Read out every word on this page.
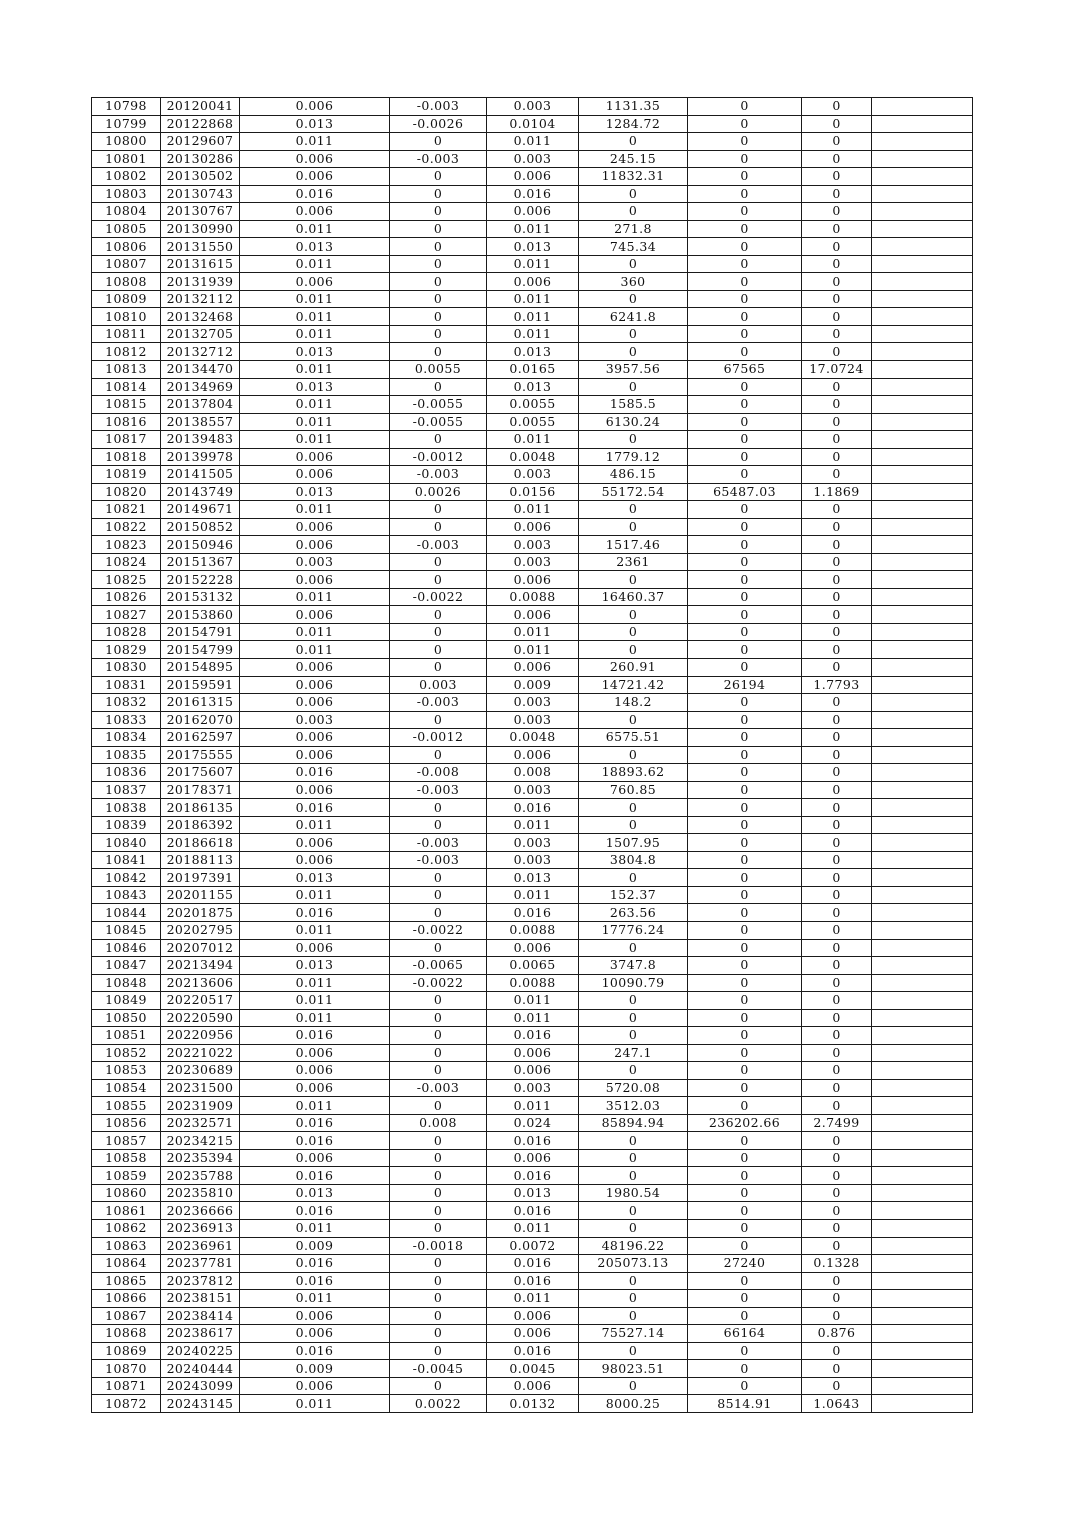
10798	20120041	0.006	-0.003	0.003	1131.35	0	0	
10799	20122868	0.013	-0.0026	0.0104	1284.72	0	0	
10800	20129607	0.011	0	0.011	0	0	0	
10801	20130286	0.006	-0.003	0.003	245.15	0	0	
10802	20130502	0.006	0	0.006	11832.31	0	0	
10803	20130743	0.016	0	0.016	0	0	0	
10804	20130767	0.006	0	0.006	0	0	0	
10805	20130990	0.011	0	0.011	271.8	0	0	
10806	20131550	0.013	0	0.013	745.34	0	0	
10807	20131615	0.011	0	0.011	0	0	0	
10808	20131939	0.006	0	0.006	360	0	0	
10809	20132112	0.011	0	0.011	0	0	0	
10810	20132468	0.011	0	0.011	6241.8	0	0	
10811	20132705	0.011	0	0.011	0	0	0	
10812	20132712	0.013	0	0.013	0	0	0	
10813	20134470	0.011	0.0055	0.0165	3957.56	67565	17.0724	
10814	20134969	0.013	0	0.013	0	0	0	
10815	20137804	0.011	-0.0055	0.0055	1585.5	0	0	
10816	20138557	0.011	-0.0055	0.0055	6130.24	0	0	
10817	20139483	0.011	0	0.011	0	0	0	
10818	20139978	0.006	-0.0012	0.0048	1779.12	0	0	
10819	20141505	0.006	-0.003	0.003	486.15	0	0	
10820	20143749	0.013	0.0026	0.0156	55172.54	65487.03	1.1869	
10821	20149671	0.011	0	0.011	0	0	0	
10822	20150852	0.006	0	0.006	0	0	0	
10823	20150946	0.006	-0.003	0.003	1517.46	0	0	
10824	20151367	0.003	0	0.003	2361	0	0	
10825	20152228	0.006	0	0.006	0	0	0	
10826	20153132	0.011	-0.0022	0.0088	16460.37	0	0	
10827	20153860	0.006	0	0.006	0	0	0	
10828	20154791	0.011	0	0.011	0	0	0	
10829	20154799	0.011	0	0.011	0	0	0	
10830	20154895	0.006	0	0.006	260.91	0	0	
10831	20159591	0.006	0.003	0.009	14721.42	26194	1.7793	
10832	20161315	0.006	-0.003	0.003	148.2	0	0	
10833	20162070	0.003	0	0.003	0	0	0	
10834	20162597	0.006	-0.0012	0.0048	6575.51	0	0	
10835	20175555	0.006	0	0.006	0	0	0	
10836	20175607	0.016	-0.008	0.008	18893.62	0	0	
10837	20178371	0.006	-0.003	0.003	760.85	0	0	
10838	20186135	0.016	0	0.016	0	0	0	
10839	20186392	0.011	0	0.011	0	0	0	
10840	20186618	0.006	-0.003	0.003	1507.95	0	0	
10841	20188113	0.006	-0.003	0.003	3804.8	0	0	
10842	20197391	0.013	0	0.013	0	0	0	
10843	20201155	0.011	0	0.011	152.37	0	0	
10844	20201875	0.016	0	0.016	263.56	0	0	
10845	20202795	0.011	-0.0022	0.0088	17776.24	0	0	
10846	20207012	0.006	0	0.006	0	0	0	
10847	20213494	0.013	-0.0065	0.0065	3747.8	0	0	
10848	20213606	0.011	-0.0022	0.0088	10090.79	0	0	
10849	20220517	0.011	0	0.011	0	0	0	
10850	20220590	0.011	0	0.011	0	0	0	
10851	20220956	0.016	0	0.016	0	0	0	
10852	20221022	0.006	0	0.006	247.1	0	0	
10853	20230689	0.006	0	0.006	0	0	0	
10854	20231500	0.006	-0.003	0.003	5720.08	0	0	
10855	20231909	0.011	0	0.011	3512.03	0	0	
10856	20232571	0.016	0.008	0.024	85894.94	236202.66	2.7499	
10857	20234215	0.016	0	0.016	0	0	0	
10858	20235394	0.006	0	0.006	0	0	0	
10859	20235788	0.016	0	0.016	0	0	0	
10860	20235810	0.013	0	0.013	1980.54	0	0	
10861	20236666	0.016	0	0.016	0	0	0	
10862	20236913	0.011	0	0.011	0	0	0	
10863	20236961	0.009	-0.0018	0.0072	48196.22	0	0	
10864	20237781	0.016	0	0.016	205073.13	27240	0.1328	
10865	20237812	0.016	0	0.016	0	0	0	
10866	20238151	0.011	0	0.011	0	0	0	
10867	20238414	0.006	0	0.006	0	0	0	
10868	20238617	0.006	0	0.006	75527.14	66164	0.876	
10869	20240225	0.016	0	0.016	0	0	0	
10870	20240444	0.009	-0.0045	0.0045	98023.51	0	0	
10871	20243099	0.006	0	0.006	0	0	0	
10872	20243145	0.011	0.0022	0.0132	8000.25	8514.91	1.0643	
